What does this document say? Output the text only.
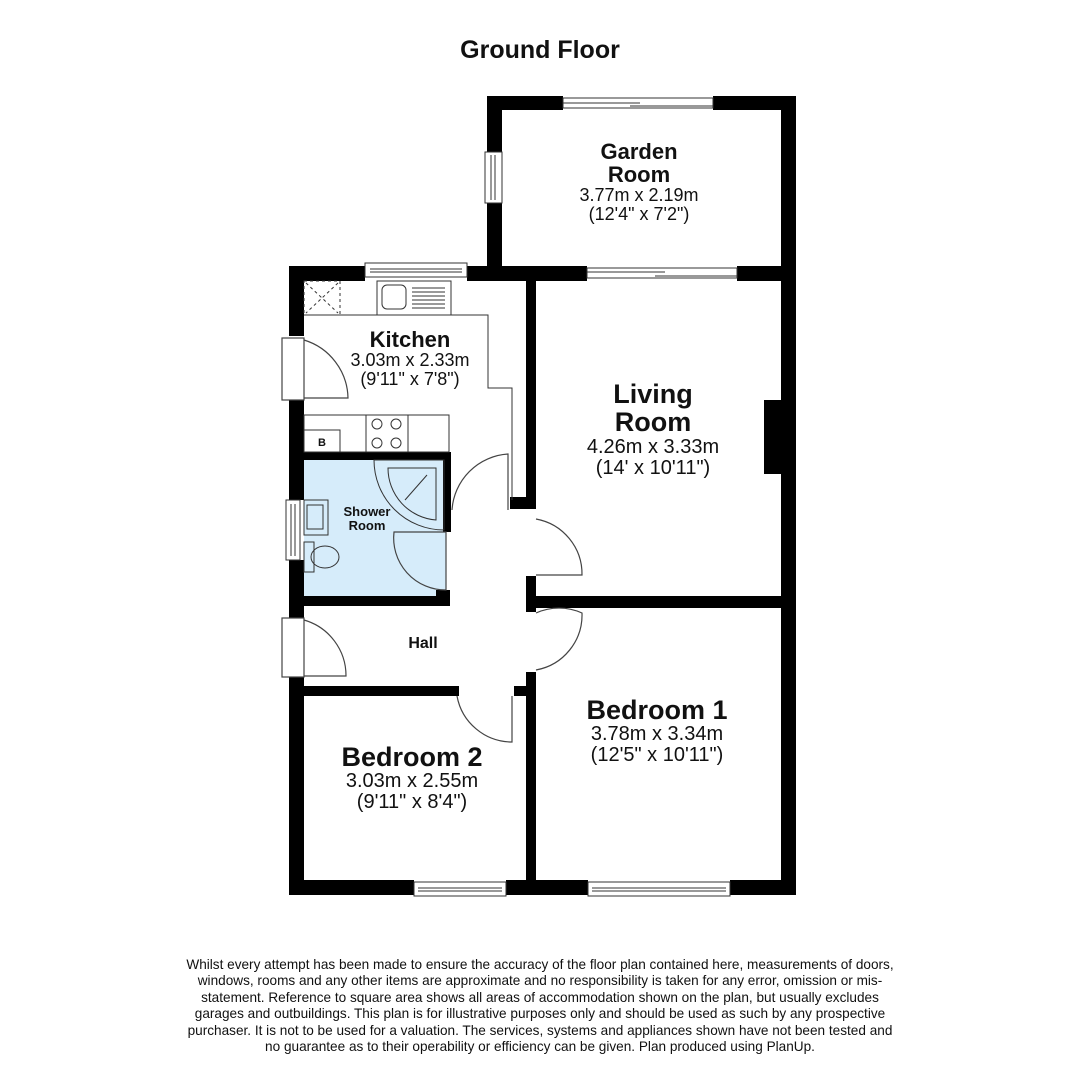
Ground Floor
B
Garden
Room
3.77m x 2.19m
(12'4" x 7'2")
Kitchen
3.03m x 2.33m
(9'11" x 7'8")
Living
Room
4.26m x 3.33m
(14' x 10'11")
Shower
Room
Hall
Bedroom 1
3.78m x 3.34m
(12'5" x 10'11")
Bedroom 2
3.03m x 2.55m
(9'11" x 8'4")
Whilst every attempt has been made to ensure the accuracy of the floor plan contained here, measurements of doors, windows, rooms and any other items are approximate and no responsibility is taken for any error, omission or mis-statement. Reference to square area shows all areas of accommodation shown on the plan, but usually excludes garages and outbuildings. This plan is for illustrative purposes only and should be used as such by any prospective purchaser. It is not to be used for a valuation. The services, systems and appliances shown have not been tested and no guarantee as to their operability or efficiency can be given. Plan produced using PlanUp.
